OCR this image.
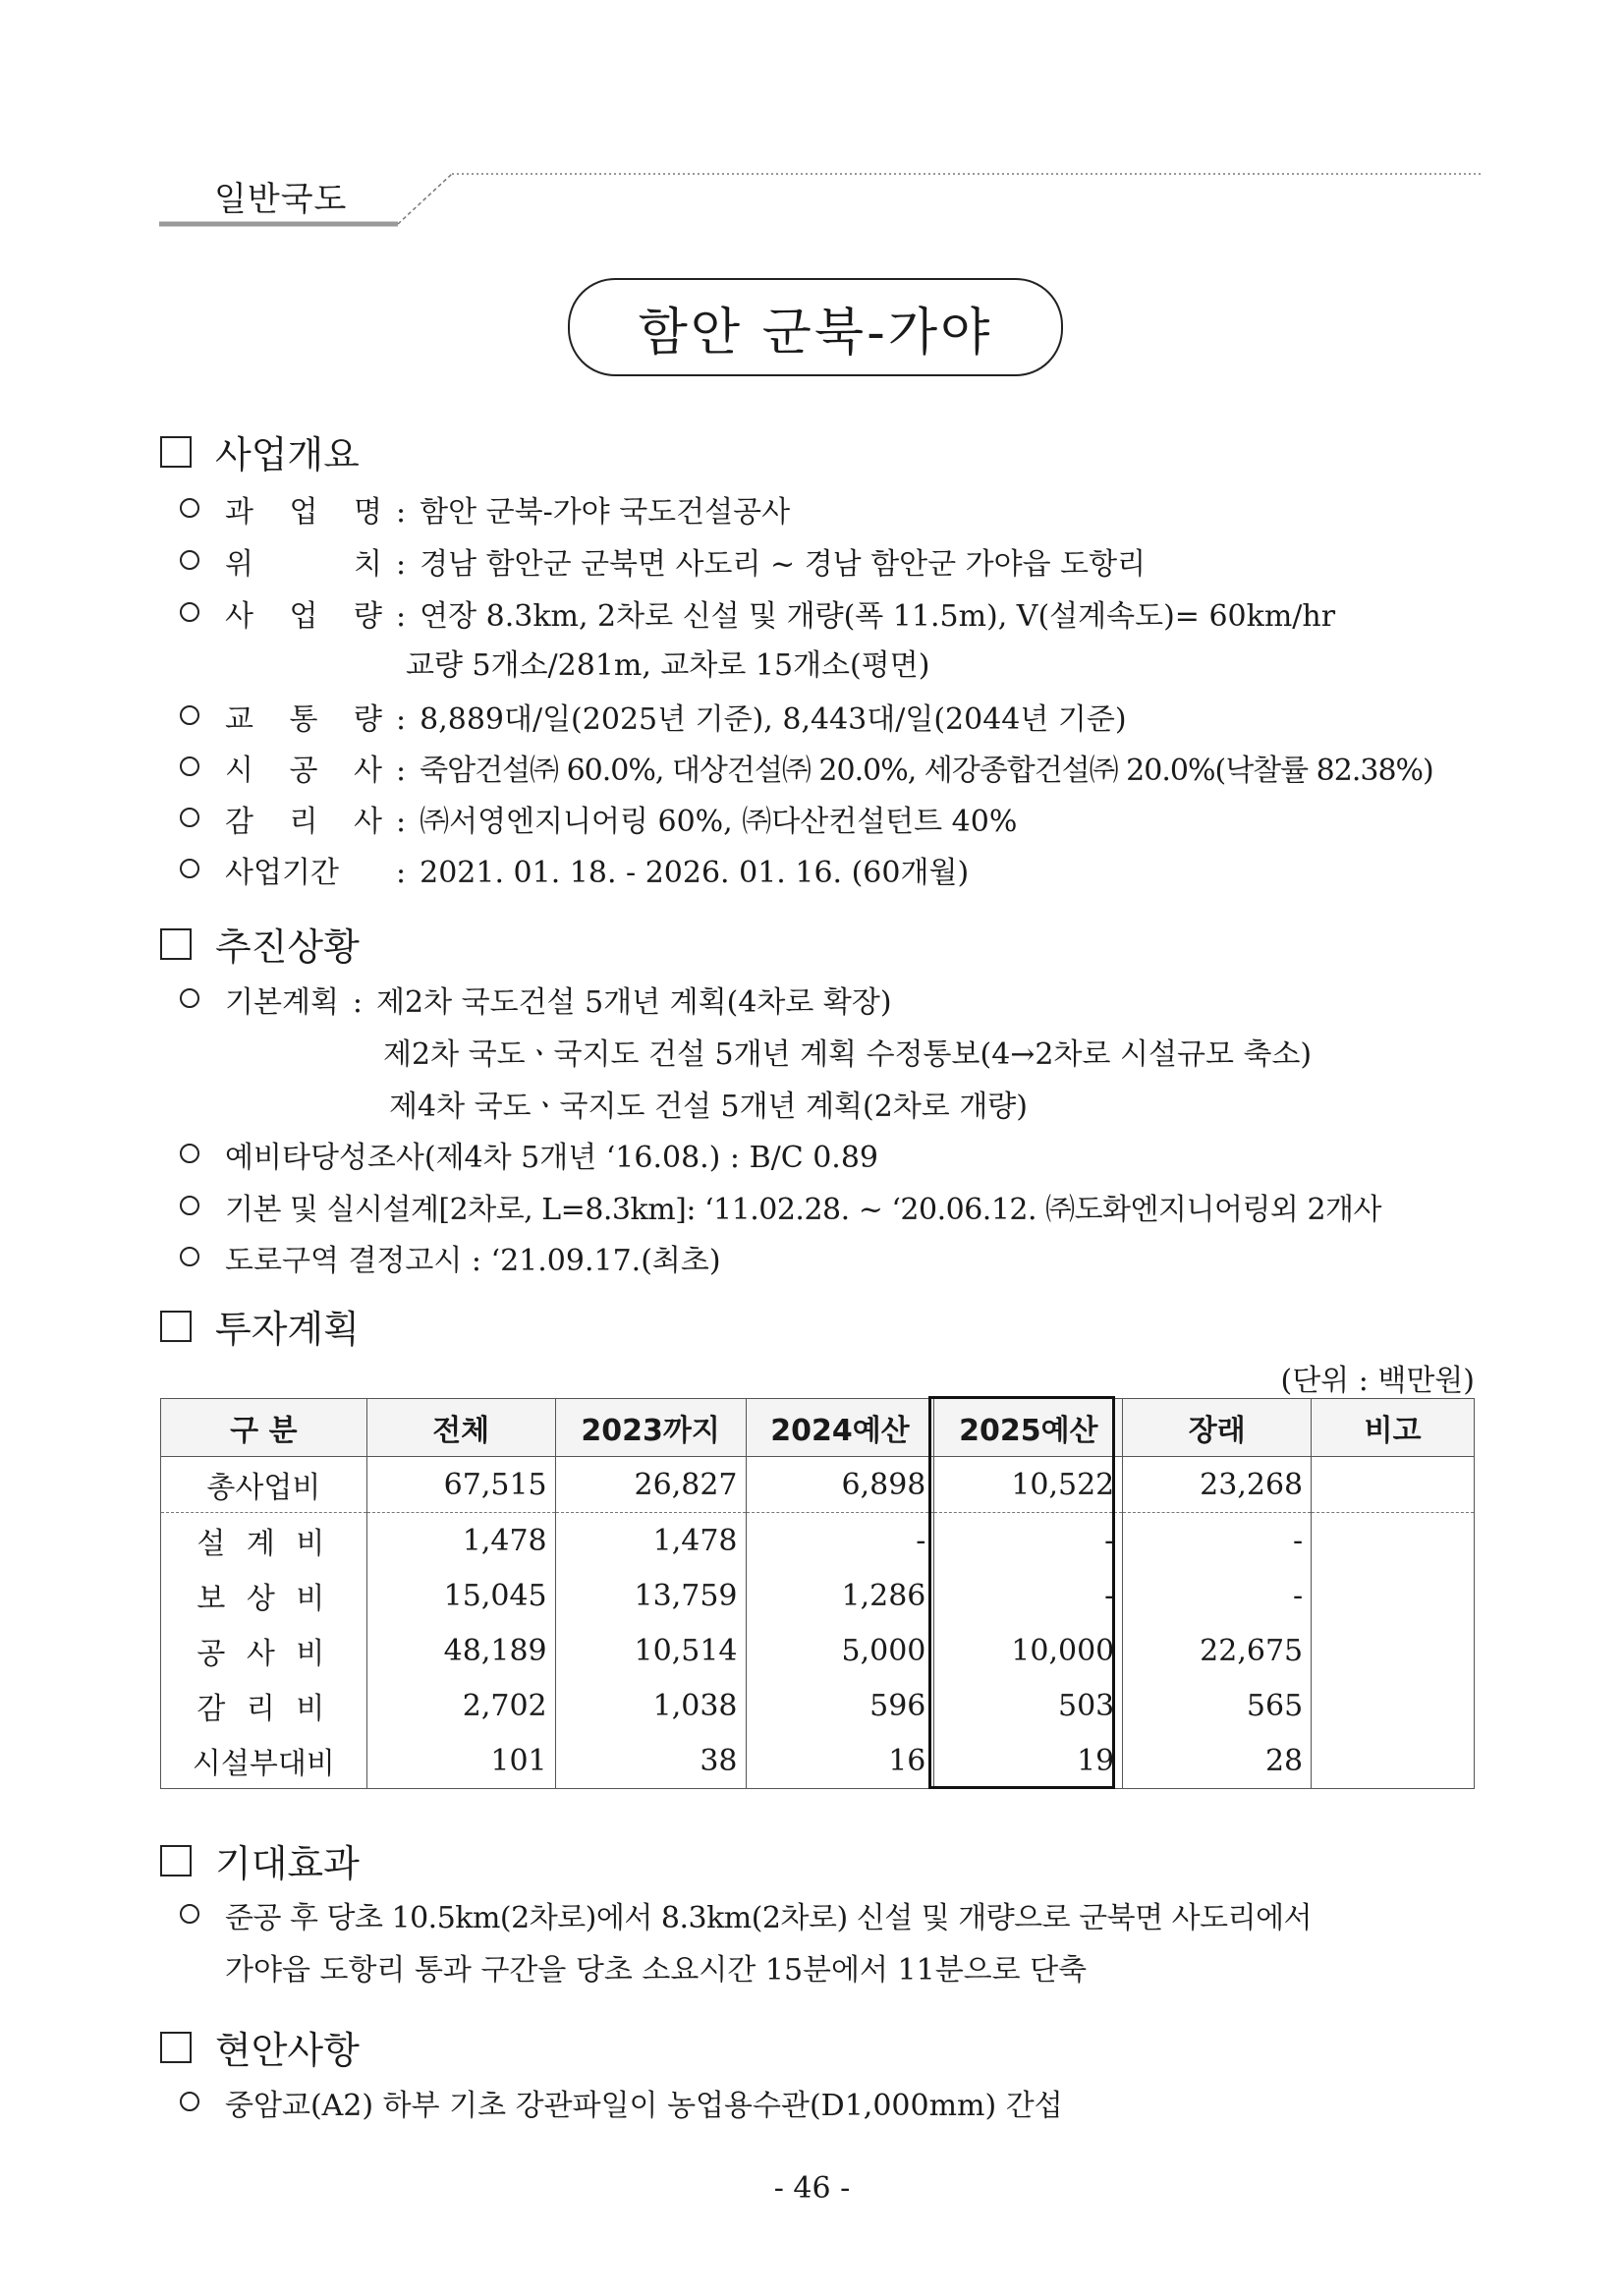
일반국도
함안 군북-가야
사업개요
과 업 명 : 함안 군북-가야 국도건설공사
위 치 : 경남 함안군 군북면 사도리 ~ 경남 함안군 가야읍 도항리
사 업 량 : 연장 8.3km, 2차로 신설 및 개량(폭 11.5m), V(설계속도)= 60km/hr
교량 5개소/281m, 교차로 15개소(평면)
교 통 량 : 8,889대/일(2025년 기준), 8,443대/일(2044년 기준)
시 공 사 : 죽암건설㈜ 60.0%, 대상건설㈜ 20.0%, 세강종합건설㈜ 20.0%(낙찰률 82.38%)
감 리 사 : ㈜서영엔지니어링 60%, ㈜다산컨설턴트 40%
사업기간	: 2021. 01. 18. - 2026. 01. 16. (60개월)
추진상황
기본계획 : 제2차 국도건설 5개년 계획(4차로 확장)
제2차 국도ㆍ국지도 건설 5개년 계획 수정통보(4→2차로 시설규모 축소)
제4차 국도ㆍ국지도 건설 5개년 계획(2차로 개량)
예비타당성조사(제4차 5개년 ‘16.08.) : B/C 0.89
기본 및 실시설계[2차로, L=8.3km]: ‘11.02.28. ~ ‘20.06.12. ㈜도화엔지니어링외 2개사
도로구역 결정고시 : ‘21.09.17.(최초)
투자계획
(단위 : 백만원)
구 분	전체	2023까지	2024예산	2025예산	장래	비고
총사업비	67,515	26,827	6,898	10,522	23,268	
설 계 비	1,478	1,478	-	-	-	
보 상 비	15,045	13,759	1,286	-	-	
공 사 비	48,189	10,514	5,000	10,000	22,675	
감 리 비	2,702	1,038	596	503	565	
시설부대비	101	38	16	19	28	
기대효과
준공 후 당초 10.5km(2차로)에서 8.3km(2차로) 신설 및 개량으로 군북면 사도리에서
가야읍 도항리 통과 구간을 당초 소요시간 15분에서 11분으로 단축
현안사항
중암교(A2) 하부 기초 강관파일이 농업용수관(D1,000mm) 간섭
- 46 -
